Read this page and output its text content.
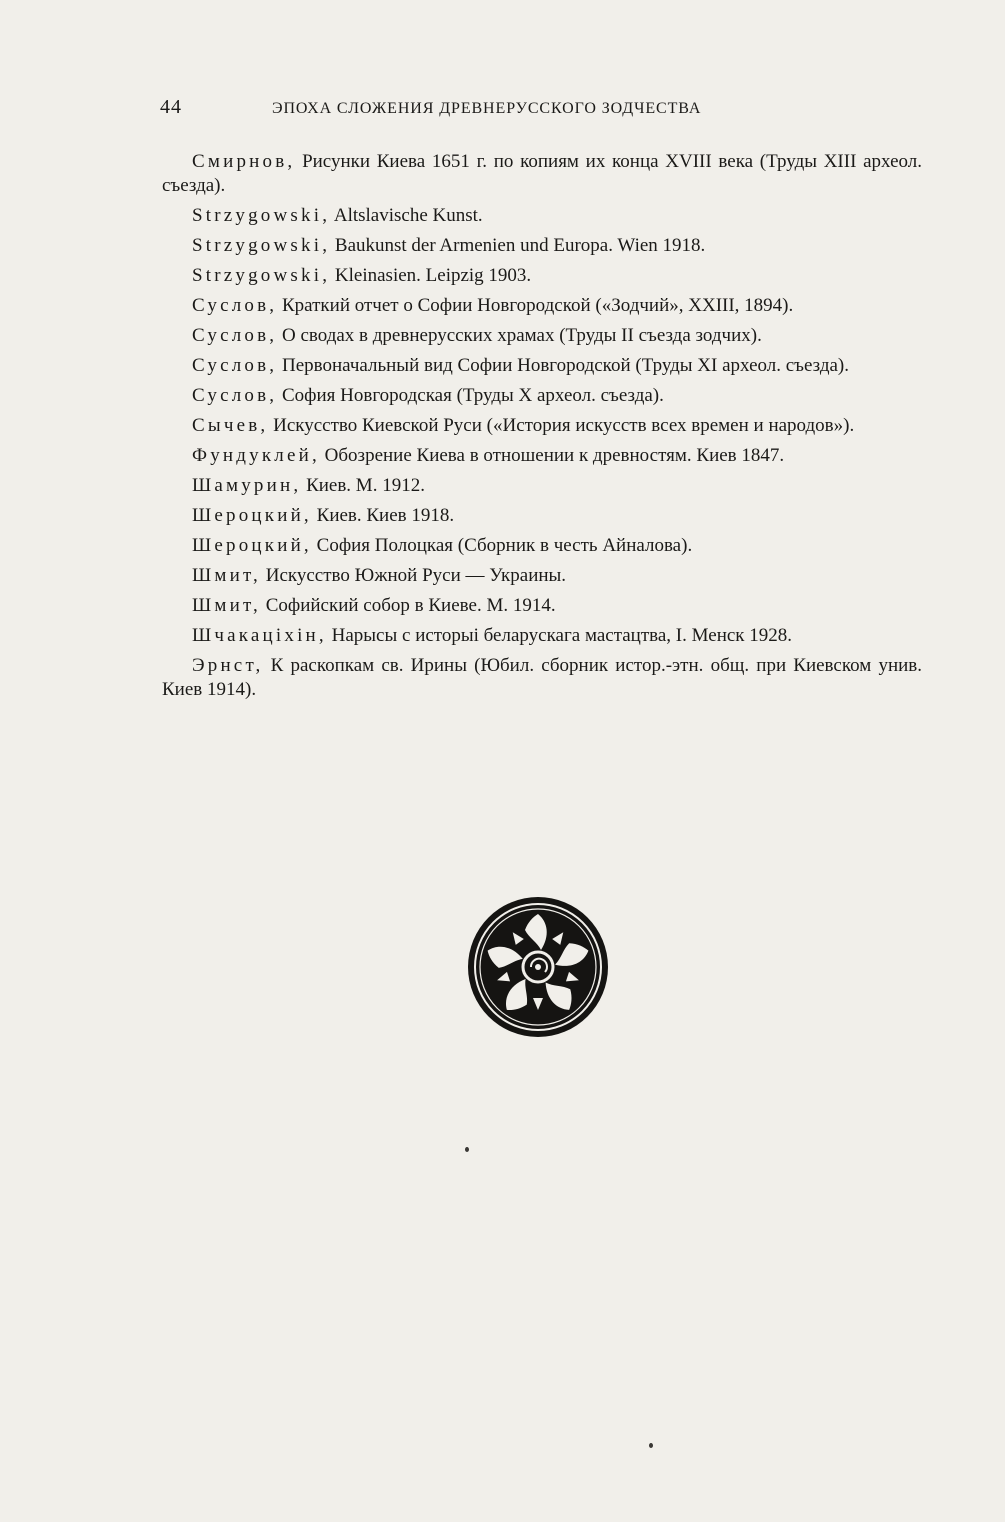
44	ЭПОХА СЛОЖЕНИЯ ДРЕВНЕРУССКОГО ЗОДЧЕСТВА

Смирнов, Рисунки Киева 1651 г. по копиям их конца XVIII века (Труды XIII археол. съезда).

Strzygowski, Altslavische Kunst.

Strzygowski, Baukunst der Armenien und Europa. Wien 1918.

Strzygowski, Kleinasien. Leipzig 1903.

Суслов, Краткий отчет о Софии Новгородской («Зодчий», XXIII, 1894).

Суслов, О сводах в древнерусских храмах (Труды II съезда зодчих).

Суслов, Первоначальный вид Софии Новгородской (Труды XI археол. съезда).

Суслов, София Новгородская (Труды X археол. съезда).

Сычев, Искусство Киевской Руси («История искусств всех времен и народов»).

Фундуклей, Обозрение Киева в отношении к древностям. Киев 1847.

Шамурин, Киев. М. 1912.

Шероцкий, Киев. Киев 1918.

Шероцкий, София Полоцкая (Сборник в честь Айналова).

Шмит, Искусство Южной Руси — Украины.

Шмит, Софийский собор в Киеве. М. 1914.

Шчакацiхiн, Нарысы с исторыi беларускага мастацтва, I. Менск 1928.

Эрнст, К раскопкам св. Ирины (Юбил. сборник истор.-этн. общ. при Киевском унив. Киев 1914).
